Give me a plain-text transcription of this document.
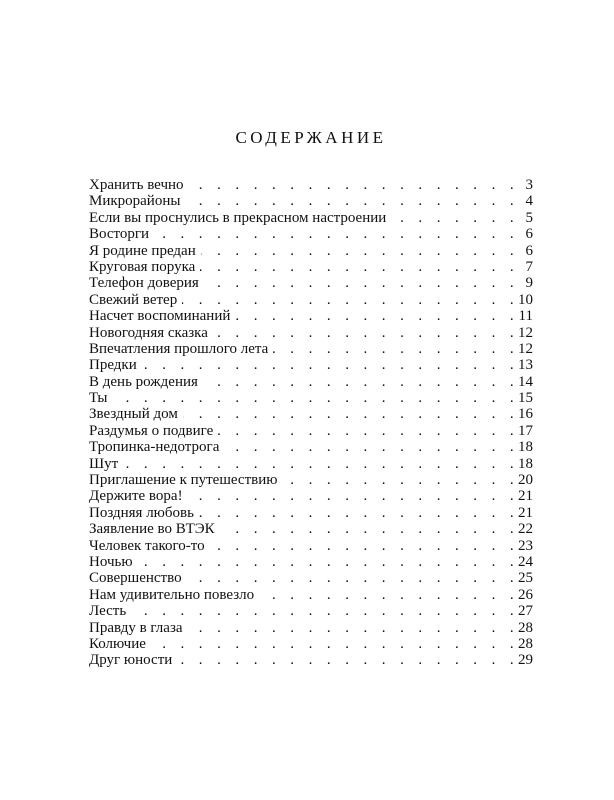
СОДЕРЖАНИЕ
. . . Хранить вечно	3
. . . Микрорайоны	4
. . . Если вы проснулись в прекрасном настроении	5
. . . Восторги	6
. . . Я родине предан	6
. . . Круговая порука	7
. . . Телефон доверия	9
. . . Свежий ветер	10
. . . Насчет воспоминаний	11
. . . Новогодняя сказка	12
. . . Впечатления прошлого лета	12
. . . Предки	13
. . . В день рождения	14
. . . Ты	15
. . . Звездный дом	16
. . . Раздумья о подвиге	17
. . . Тропинка-недотрога	18
. . . Шут	18
. . . Приглашение к путешествию	20
. . . Держите вора!	21
. . . Поздняя любовь	21
. . . Заявление во ВТЭК	22
. . . Человек такого-то	23
. . . Ночью	24
. . . Совершенство	25
. . . Нам удивительно повезло	26
. . . Лесть	27
. . . Правду в глаза	28
. . . Колючие	28
. . . Друг юности	29
